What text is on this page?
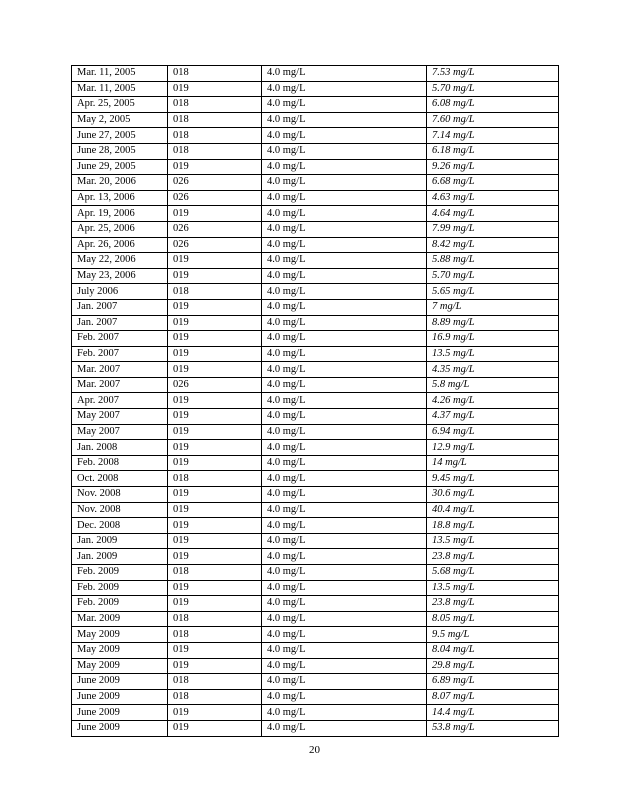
Mar. 11, 2005	018	4.0 mg/L	7.53 mg/L
Mar. 11, 2005	019	4.0 mg/L	5.70 mg/L
Apr. 25, 2005	018	4.0 mg/L	6.08 mg/L
May 2, 2005	018	4.0 mg/L	7.60 mg/L
June 27, 2005	018	4.0 mg/L	7.14 mg/L
June 28, 2005	018	4.0 mg/L	6.18 mg/L
June 29, 2005	019	4.0 mg/L	9.26 mg/L
Mar. 20, 2006	026	4.0 mg/L	6.68 mg/L
Apr. 13, 2006	026	4.0 mg/L	4.63 mg/L
Apr. 19, 2006	019	4.0 mg/L	4.64 mg/L
Apr. 25, 2006	026	4.0 mg/L	7.99 mg/L
Apr. 26, 2006	026	4.0 mg/L	8.42 mg/L
May 22, 2006	019	4.0 mg/L	5.88 mg/L
May 23, 2006	019	4.0 mg/L	5.70 mg/L
July 2006	018	4.0 mg/L	5.65 mg/L
Jan. 2007	019	4.0 mg/L	7 mg/L
Jan. 2007	019	4.0 mg/L	8.89 mg/L
Feb. 2007	019	4.0 mg/L	16.9 mg/L
Feb. 2007	019	4.0 mg/L	13.5 mg/L
Mar. 2007	019	4.0 mg/L	4.35 mg/L
Mar. 2007	026	4.0 mg/L	5.8 mg/L
Apr. 2007	019	4.0 mg/L	4.26 mg/L
May 2007	019	4.0 mg/L	4.37 mg/L
May 2007	019	4.0 mg/L	6.94 mg/L
Jan. 2008	019	4.0 mg/L	12.9 mg/L
Feb. 2008	019	4.0 mg/L	14 mg/L
Oct. 2008	018	4.0 mg/L	9.45 mg/L
Nov. 2008	019	4.0 mg/L	30.6 mg/L
Nov. 2008	019	4.0 mg/L	40.4 mg/L
Dec. 2008	019	4.0 mg/L	18.8 mg/L
Jan. 2009	019	4.0 mg/L	13.5 mg/L
Jan. 2009	019	4.0 mg/L	23.8 mg/L
Feb. 2009	018	4.0 mg/L	5.68 mg/L
Feb. 2009	019	4.0 mg/L	13.5 mg/L
Feb. 2009	019	4.0 mg/L	23.8 mg/L
Mar. 2009	018	4.0 mg/L	8.05 mg/L
May 2009	018	4.0 mg/L	9.5 mg/L
May 2009	019	4.0 mg/L	8.04 mg/L
May 2009	019	4.0 mg/L	29.8 mg/L
June 2009	018	4.0 mg/L	6.89 mg/L
June 2009	018	4.0 mg/L	8.07 mg/L
June 2009	019	4.0 mg/L	14.4 mg/L
June 2009	019	4.0 mg/L	53.8 mg/L
20
